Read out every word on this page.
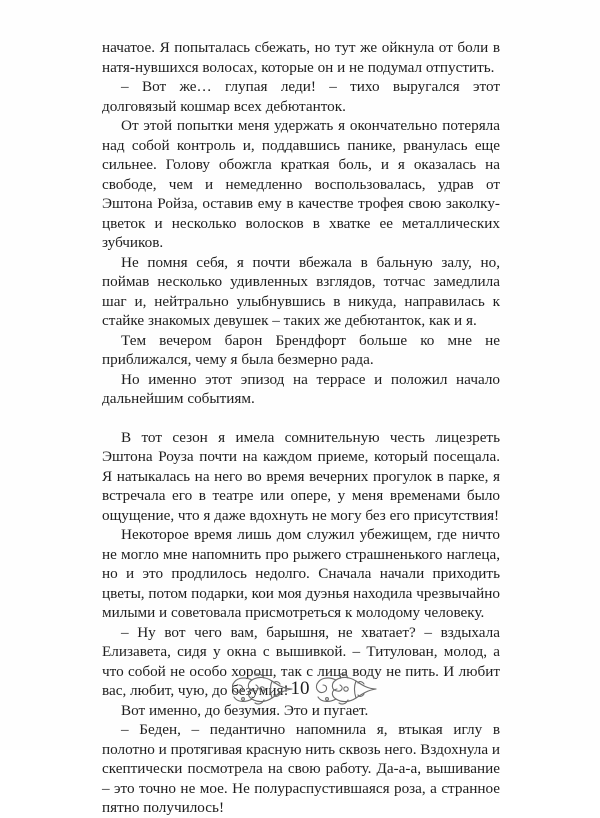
начатое. Я попыталась сбежать, но тут же ойкнула от боли в натя-нувшихся волосах, которые он и не подумал отпустить.

– Вот же… глупая леди! – тихо выругался этот долговязый кошмар всех дебютанток.

От этой попытки меня удержать я окончательно потеряла над собой контроль и, поддавшись панике, рванулась еще сильнее. Голову обожгла краткая боль, и я оказалась на свободе, чем и немедленно воспользовалась, удрав от Эштона Ройза, оставив ему в качестве трофея свою заколку-цветок и несколько волосков в хватке ее металлических зубчиков.

Не помня себя, я почти вбежала в бальную залу, но, поймав несколько удивленных взглядов, тотчас замедлила шаг и, нейтрально улыбнувшись в никуда, направилась к стайке знакомых девушек – таких же дебютанток, как и я.

Тем вечером барон Брендфорт больше ко мне не приближался, чему я была безмерно рада.

Но именно этот эпизод на террасе и положил начало дальнейшим событиям.

В тот сезон я имела сомнительную честь лицезреть Эштона Роуза почти на каждом приеме, который посещала. Я натыкалась на него во время вечерних прогулок в парке, я встречала его в театре или опере, у меня временами было ощущение, что я даже вдохнуть не могу без его присутствия!

Некоторое время лишь дом служил убежищем, где ничто не могло мне напомнить про рыжего страшненького наглеца, но и это продлилось недолго. Сначала начали приходить цветы, потом подарки, кои моя дуэнья находила чрезвычайно милыми и советовала присмотреться к молодому человеку.

– Ну вот чего вам, барышня, не хватает? – вздыхала Елизавета, сидя у окна с вышивкой. – Титулован, молод, а что собой не особо хорош, так с лица воду не пить. И любит вас, любит, чую, до безумия!

Вот именно, до безумия. Это и пугает.

– Беден, – педантично напомнила я, втыкая иглу в полотно и протягивая красную нить сквозь него. Вздохнула и скептически посмотрела на свою работу. Да-а-а, вышивание – это точно не мое. Не полураспустившаяся роза, а странное пятно получилось!

10
